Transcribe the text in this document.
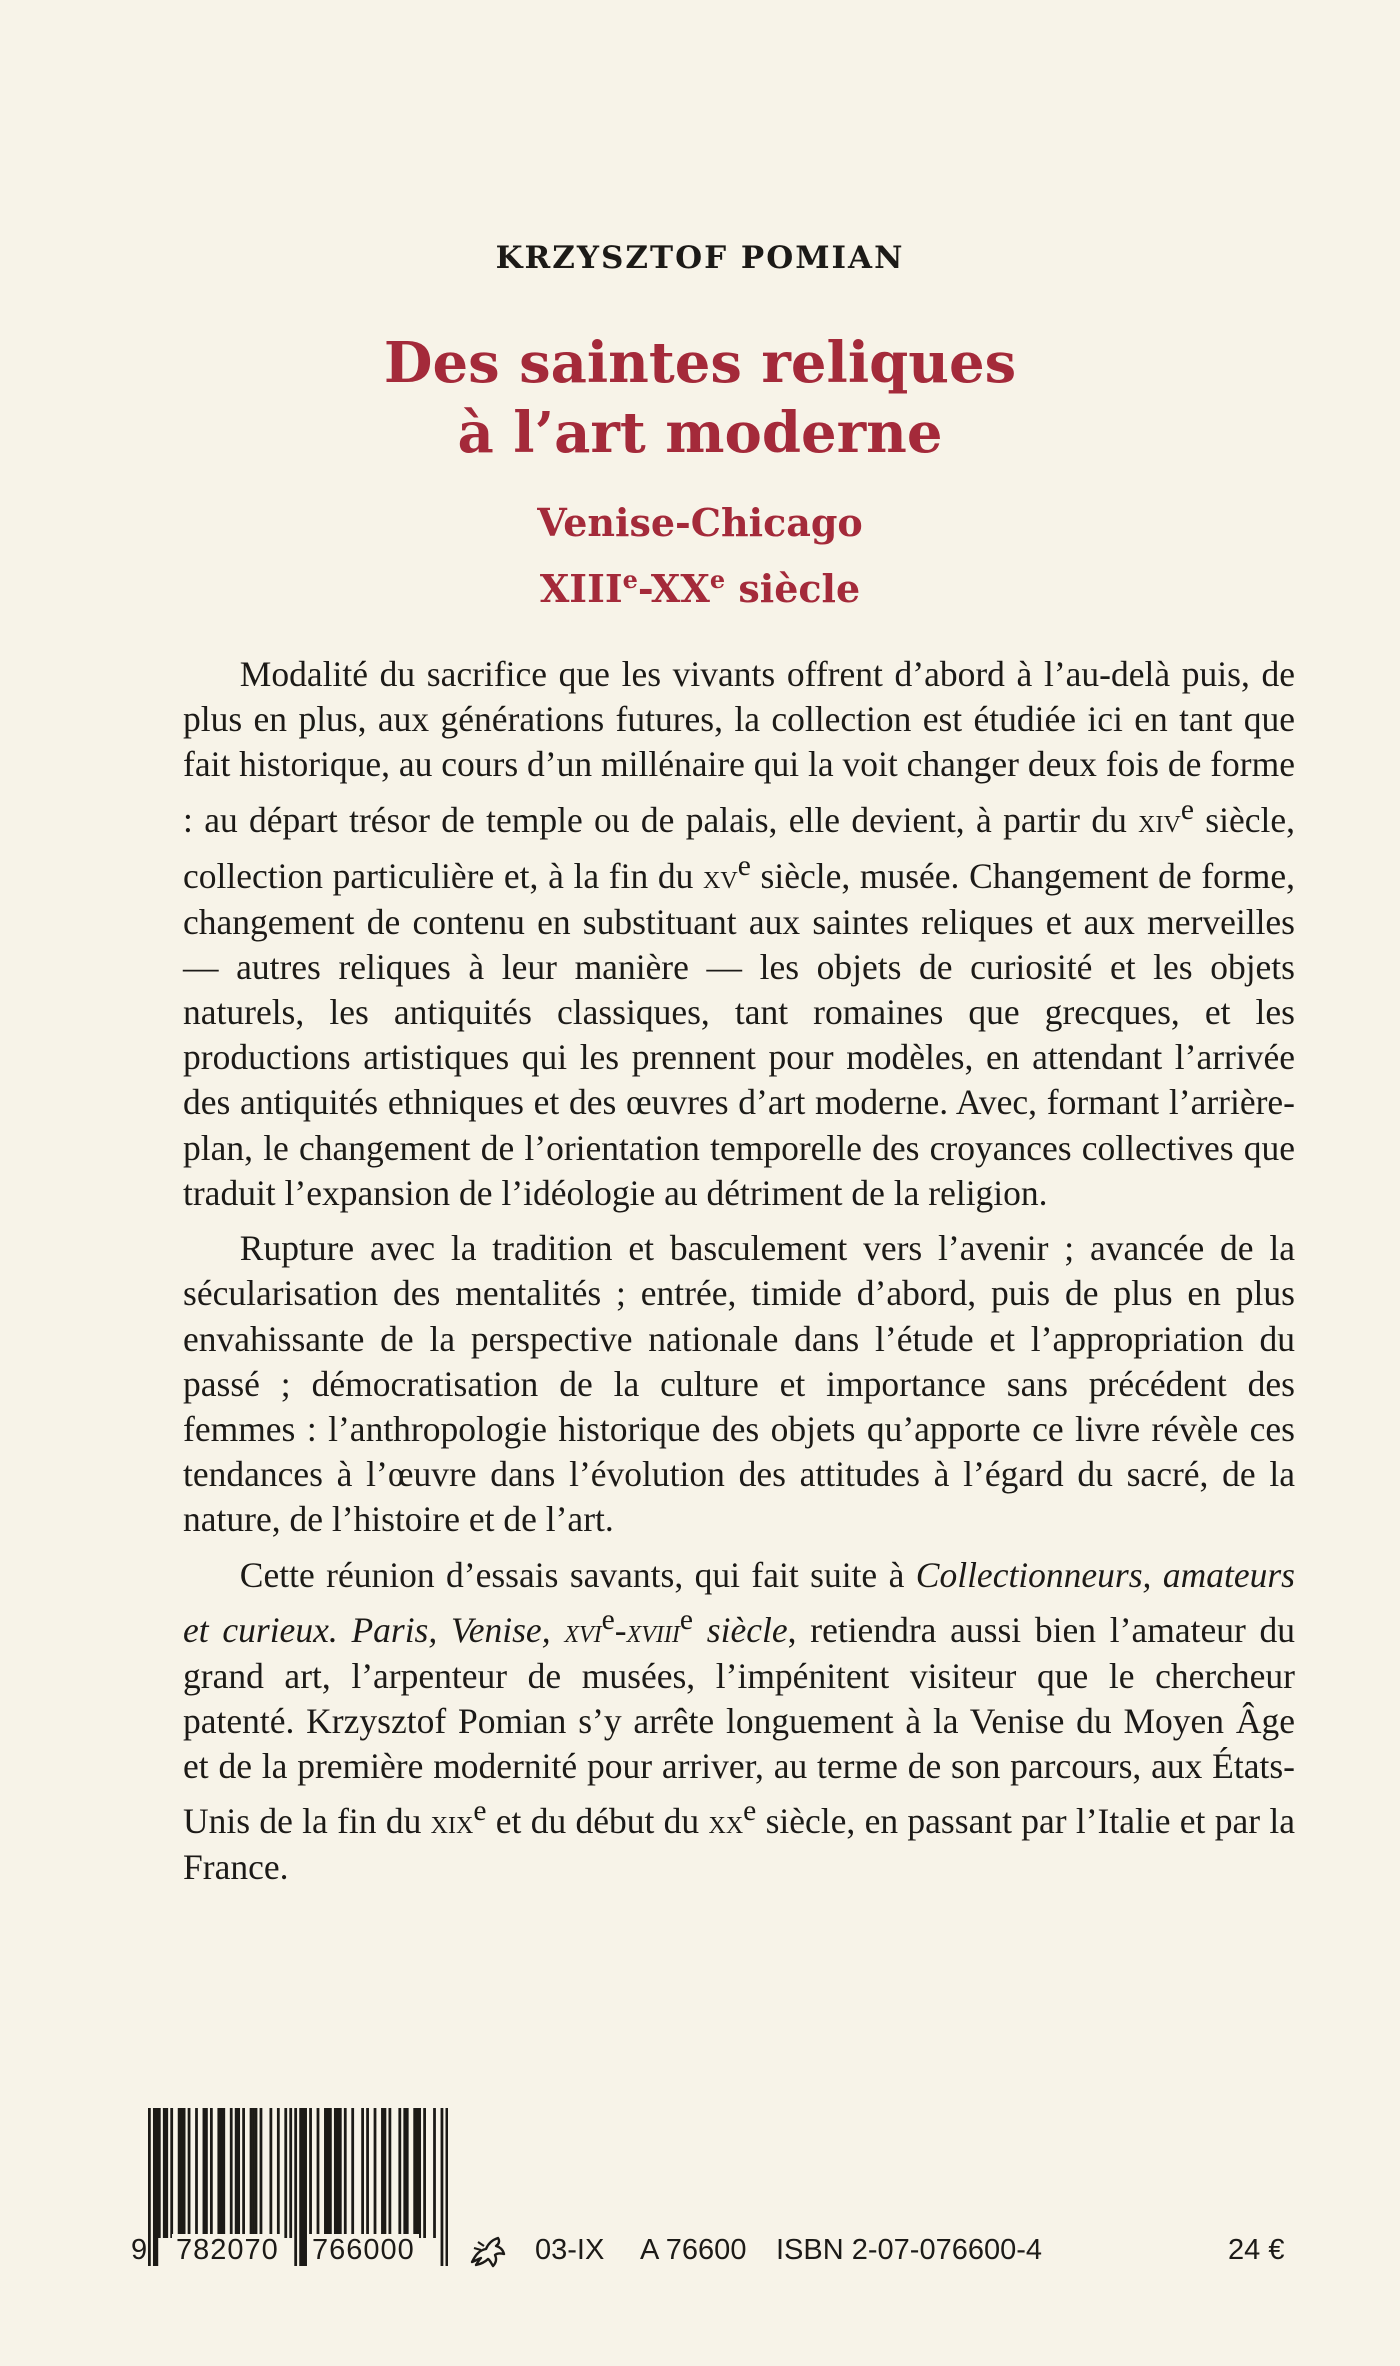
KRZYSZTOF POMIAN
Des saintes reliques
à l’art moderne
Venise-Chicago
XIIIe-XXe siècle

Modalité du sacrifice que les vivants offrent d’abord à l’au-delà puis, de plus en plus, aux générations futures, la collection est étudiée ici en tant que fait historique, au cours d’un millénaire qui la voit changer deux fois de forme : au départ trésor de temple ou de palais, elle devient, à partir du xiv$^e$ siècle, collection particulière et, à la fin du $xv^e$ siècle, musée. Changement de forme, changement de contenu en substituant aux saintes reliques et aux merveilles — autres reliques à leur manière — les objets de curiosité et les objets naturels, les antiquités classiques, tant romaines que grecques, et les productions artistiques qui les prennent pour modèles, en attendant l’arrivée des antiquités ethniques et des œuvres d’art moderne. Avec, formant l’arrière-plan, le changement de l’orientation temporelle des croyances collectives que traduit l’expansion de l’idéologie au détriment de la religion.

Rupture avec la tradition et basculement vers l’avenir ; avancée de la sécularisation des mentalités ; entrée, timide d’abord, puis de plus en plus envahissante de la perspective nationale dans l’étude et l’appropriation du passé ; démocratisation de la culture et importance sans précédent des femmes : l’anthropologie historique des objets qu’apporte ce livre révèle ces tendances à l’œuvre dans l’évolution des attitudes à l’égard du sacré, de la nature, de l’histoire et de l’art.

Cette réunion d’essais savants, qui fait suite à Collectionneurs, amateurs et curieux. Paris, Venise, xvi$^e$-xviii$^e$ siècle, retiendra aussi bien l’amateur du grand art, l’arpenteur de musées, l’impénitent visiteur que le chercheur patenté. Krzysztof Pomian s’y arrête longuement à la Venise du Moyen Âge et de la première modernité pour arriver, au terme de son parcours, aux États-Unis de la fin du xix$^e$ et du début du $xx^e$ siècle, en passant par l’Italie et par la France.

9 782070 766000	03-IX A 76600 ISBN 2-07-076600-4	24 €
